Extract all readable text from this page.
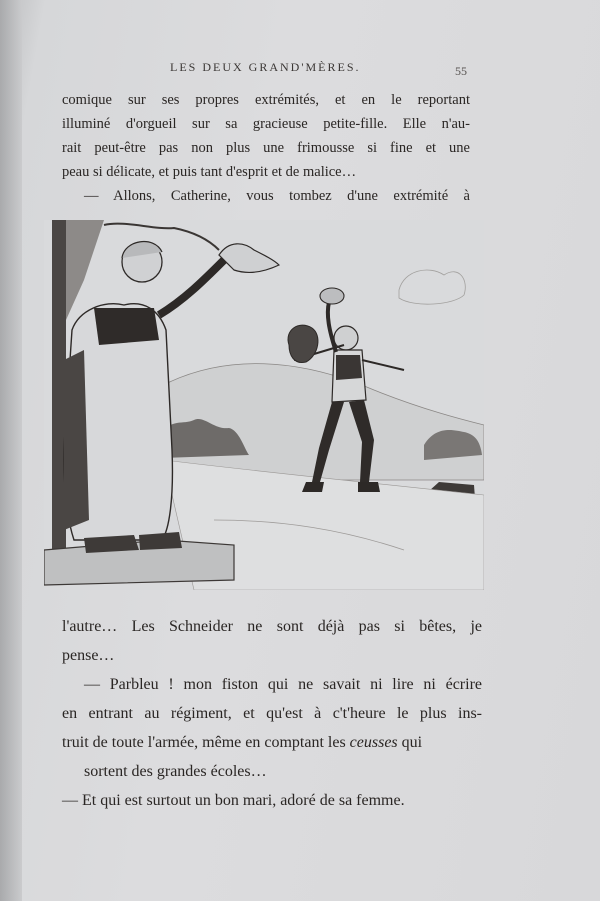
LES DEUX GRAND'MÈRES.	55
comique sur ses propres extrémités, et en le reportant
illuminé d'orgueil sur sa gracieuse petite-fille. Elle n'au-
rait peut-être pas non plus une frimousse si fine et une
peau si délicate, et puis tant d'esprit et de malice…
— Allons, Catherine, vous tombez d'une extrémité à
l'autre… Les Schneider ne sont déjà pas si bêtes, je
pense…
— Parbleu ! mon fiston qui ne savait ni lire ni écrire
en entrant au régiment, et qu'est à c't'heure le plus ins-
truit de toute l'armée, même en comptant les ceusses qui
sortent des grandes écoles…
— Et qui est surtout un bon mari, adoré de sa femme.
